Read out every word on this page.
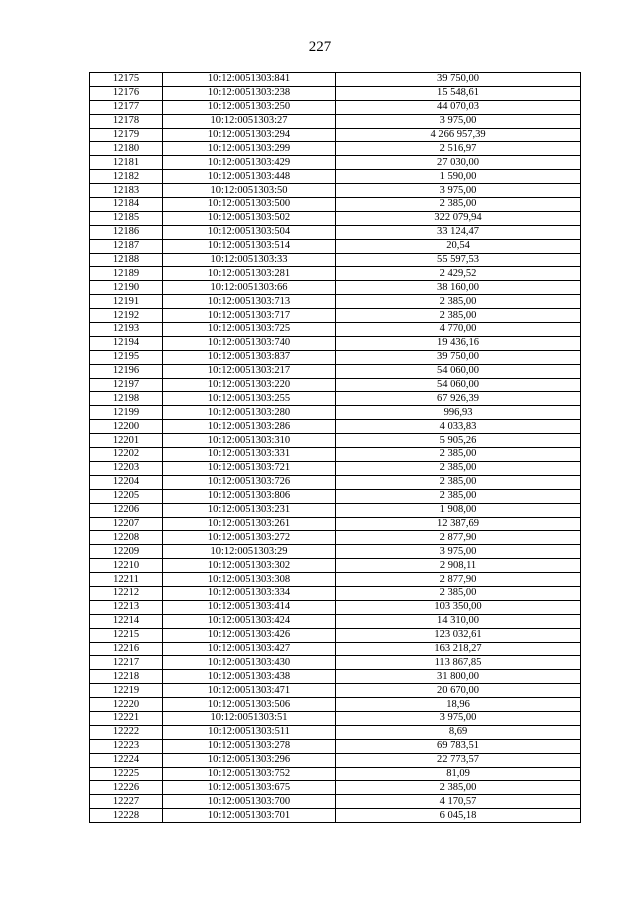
227
12175	10:12:0051303:841	39 750,00
12176	10:12:0051303:238	15 548,61
12177	10:12:0051303:250	44 070,03
12178	10:12:0051303:27	3 975,00
12179	10:12:0051303:294	4 266 957,39
12180	10:12:0051303:299	2 516,97
12181	10:12:0051303:429	27 030,00
12182	10:12:0051303:448	1 590,00
12183	10:12:0051303:50	3 975,00
12184	10:12:0051303:500	2 385,00
12185	10:12:0051303:502	322 079,94
12186	10:12:0051303:504	33 124,47
12187	10:12:0051303:514	20,54
12188	10:12:0051303:33	55 597,53
12189	10:12:0051303:281	2 429,52
12190	10:12:0051303:66	38 160,00
12191	10:12:0051303:713	2 385,00
12192	10:12:0051303:717	2 385,00
12193	10:12:0051303:725	4 770,00
12194	10:12:0051303:740	19 436,16
12195	10:12:0051303:837	39 750,00
12196	10:12:0051303:217	54 060,00
12197	10:12:0051303:220	54 060,00
12198	10:12:0051303:255	67 926,39
12199	10:12:0051303:280	996,93
12200	10:12:0051303:286	4 033,83
12201	10:12:0051303:310	5 905,26
12202	10:12:0051303:331	2 385,00
12203	10:12:0051303:721	2 385,00
12204	10:12:0051303:726	2 385,00
12205	10:12:0051303:806	2 385,00
12206	10:12:0051303:231	1 908,00
12207	10:12:0051303:261	12 387,69
12208	10:12:0051303:272	2 877,90
12209	10:12:0051303:29	3 975,00
12210	10:12:0051303:302	2 908,11
12211	10:12:0051303:308	2 877,90
12212	10:12:0051303:334	2 385,00
12213	10:12:0051303:414	103 350,00
12214	10:12:0051303:424	14 310,00
12215	10:12:0051303:426	123 032,61
12216	10:12:0051303:427	163 218,27
12217	10:12:0051303:430	113 867,85
12218	10:12:0051303:438	31 800,00
12219	10:12:0051303:471	20 670,00
12220	10:12:0051303:506	18,96
12221	10:12:0051303:51	3 975,00
12222	10:12:0051303:511	8,69
12223	10:12:0051303:278	69 783,51
12224	10:12:0051303:296	22 773,57
12225	10:12:0051303:752	81,09
12226	10:12:0051303:675	2 385,00
12227	10:12:0051303:700	4 170,57
12228	10:12:0051303:701	6 045,18
